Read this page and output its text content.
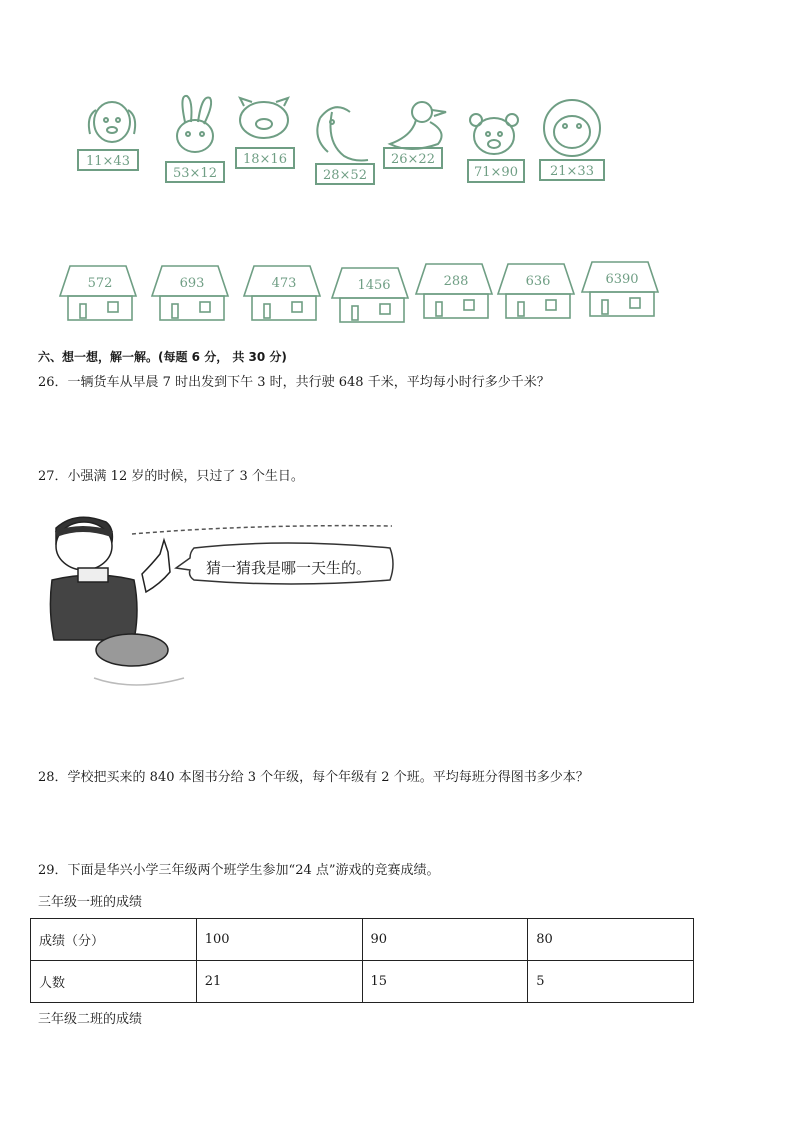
11×43
53×12
18×16
28×52
26×22
71×90 21×33
572	693	473	1456	288	636	6390
六、想一想，解一解。(每题 6 分， 共 30 分)
26．一辆货车从早晨 7 时出发到下午 3 时，共行驶 648 千米，平均每小时行多少千米？
27．小强满 12 岁的时候，只过了 3 个生日。
猜一猜我是哪一天生的。
28．学校把买来的 840 本图书分给 3 个年级，每个年级有 2 个班。平均每班分得图书多少本？
29．下面是华兴小学三年级两个班学生参加“24 点”游戏的竞赛成绩。
三年级一班的成绩
成绩（分）	100	90	80
人数	21	15	5
三年级二班的成绩
